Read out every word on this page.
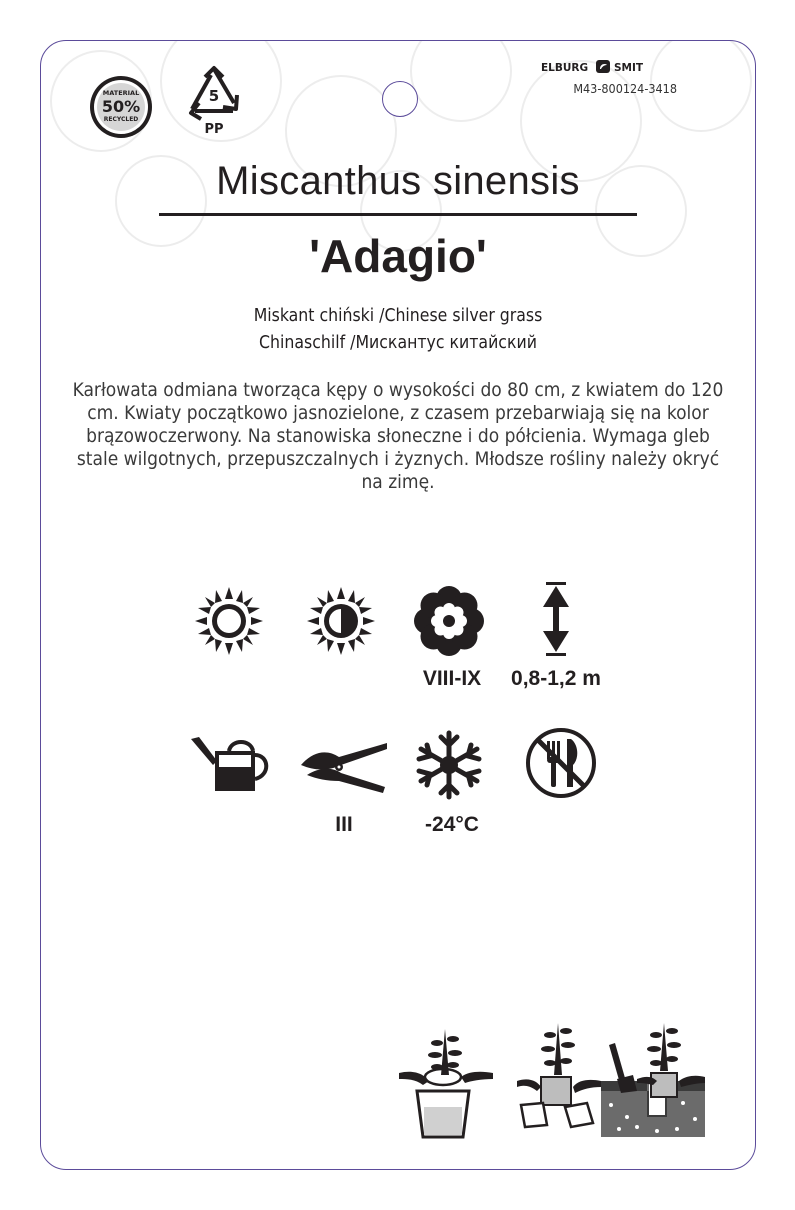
MATERIAL
50%
RECYCLED
5
PP
ELBURG SMIT
M43-800124-3418
Miscanthus sinensis
'Adagio'
Miskant chiński /Chinese silver grass
Chinaschilf /Мискантус китайский
Karłowata odmiana tworząca kępy o wysokości do 80 cm, z kwiatem do 120 cm. Kwiaty początkowo jasnozielone, z czasem przebarwiają się na kolor brązowoczerwony. Na stanowiska słoneczne i do półcienia. Wymaga gleb stale wilgotnych, przepuszczalnych i żyznych. Młodsze rośliny należy okryć na zimę.
VIII-IX	0,8-1,2 m
III	-24°C
